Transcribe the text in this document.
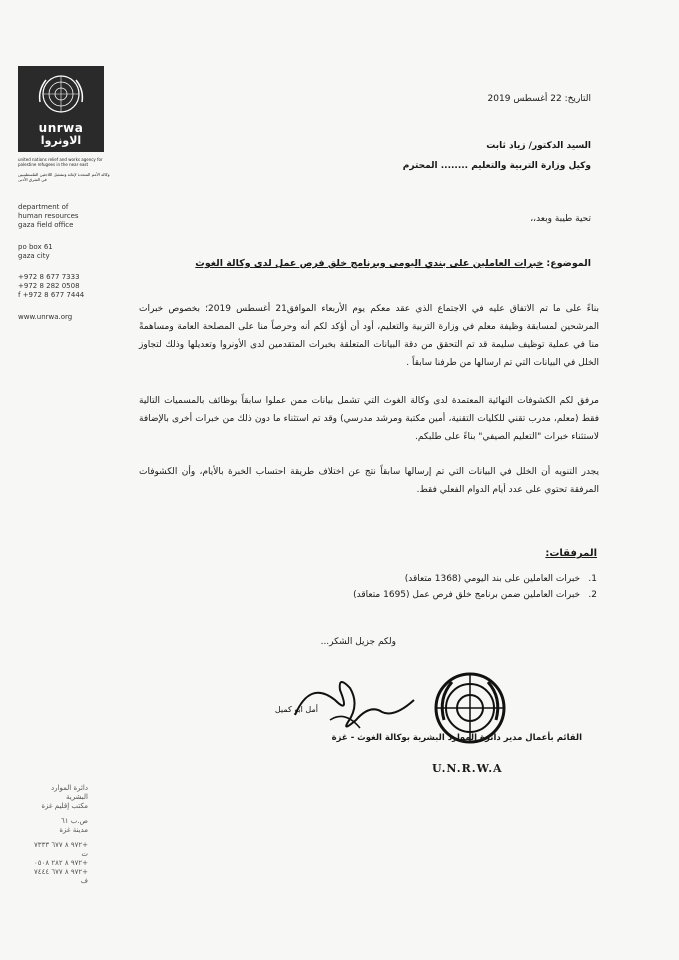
unrwa
الاونروا
united nations relief and works agency for palestine refugees in the near east
وكالة الأمم المتحدة لإغاثة وتشغيل اللاجئين الفلسطينيين في الشرق الأدنى
department of
human resources
gaza field office
po box 61
gaza city
+972 8 677 7333
+972 8 282 0508
f +972 8 677 7444
www.unrwa.org
دائرة الموارد البشرية
مكتب إقليم غزة
ص.ب ٦١
مدينة غزة
+٩٧٢ ٨ ٦٧٧ ٧٣٣٣ ت
+٩٧٢ ٨ ٢٨٢ ٠٥٠٨
+٩٧٢ ٨ ٦٧٧ ٧٤٤٤ ف
التاريخ: 22 أغسطس 2019
السيد الدكتور/ زياد ثابت
وكيل وزارة التربية والتعليم ........ المحترم
تحية طيبة وبعد،،
الموضوع: خبرات العاملين على بندي اليومي وبرنامج خلق فرص عمل لدى وكالة الغوث
بناءً على ما تم الاتفاق عليه في الاجتماع الذي عقد معكم يوم الأربعاء الموافق21 أغسطس 2019؛ بخصوص خبرات المرشحين لمسابقة وظيفة معلم في وزارة التربية والتعليم، أود أن أؤكد لكم أنه وحرصاً منا على المصلحة العامة ومساهمةً منا في عملية توظيف سليمة قد تم التحقق من دقة البيانات المتعلقة بخبرات المتقدمين لدى الأونروا وتعديلها وذلك لتجاوز الخلل في البيانات التي تم ارسالها من طرفنا سابقاً .
مرفق لكم الكشوفات النهائية المعتمدة لدى وكالة الغوث التي تشمل بيانات ممن عملوا سابقاً بوظائف بالمسميات التالية فقط (معلم، مدرب تقني للكليات التقنية، أمين مكتبة ومرشد مدرسي) وقد تم استثناء ما دون ذلك من خبرات أخرى بالإضافة لاستثناء خبرات "التعليم الصيفي" بناءً على طلبكم.
يجدر التنويه أن الخلل في البيانات التي تم إرسالها سابقاً نتج عن اختلاف طريقة احتساب الخبرة بالأيام، وأن الكشوفات المرفقة تحتوي على عدد أيام الدوام الفعلي فقط.
المرفقات:
1. خبرات العاملين على بند اليومي (1368 متعاقد)
2. خبرات العاملين ضمن برنامج خلق فرص عمل (1695 متعاقد)
ولكم جزيل الشكر...
U.N.R.W.A
أمل ابو كميل
القائم بأعمال مدير دائرة الموارد البشرية بوكالة الغوث - غزة
